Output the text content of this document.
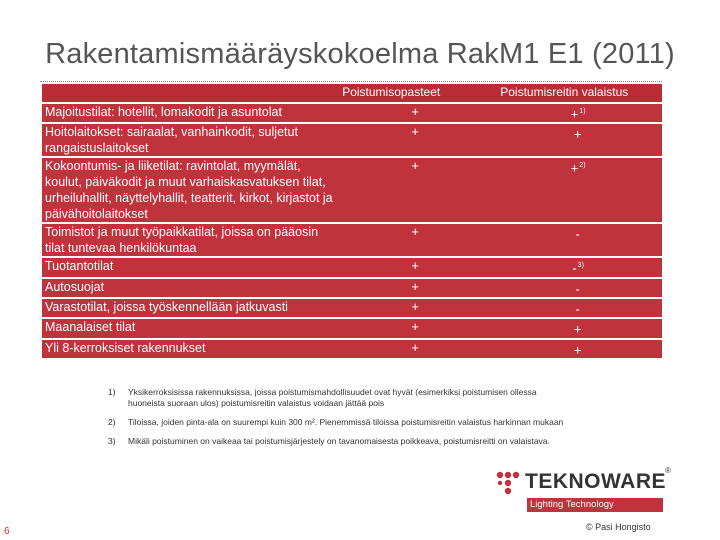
Rakentamismääräyskokoelma RakM1 E1 (2011)
	Poistumisopasteet	Poistumisreitin valaistus
Majoitustilat: hotellit, lomakodit ja asuntolat	+	+$^{1)}$
Hoitolaitokset: sairaalat, vanhainkodit, suljetut rangaistuslaitokset	+	+
Kokoontumis- ja liiketilat: ravintolat, myymälät, koulut, päiväkodit ja muut varhaiskasvatuksen tilat, urheiluhallit, näyttelyhallit, teatterit, kirkot, kirjastot ja päivähoitolaitokset	+	+$^{2)}$
Toimistot ja muut työpaikkatilat, joissa on pääosin tilat tuntevaa henkilökuntaa	+	-
Tuotantotilat	+	-$^{3)}$
Autosuojat	+	-
Varastotilat, joissa työskennellään jatkuvasti	+	-
Maanalaiset tilat	+	+
Yli 8-kerroksiset rakennukset	+	+
1)	Yksikerroksisissa rakennuksissa, joissa poistumismahdollisuudet ovat hyvät (esimerkiksi poistumisen ollessa huoneista suoraan ulos) poistumisreitin valaistus voidaan jättää pois
2)	Tiloissa, joiden pinta-ala on suurempi kuin 300 m². Pienemmissä tiloissa poistumisreitin valaistus harkinnan mukaan
3)	Mikäli poistuminen on vaikeaa tai poistumisjärjestely on tavanomaisesta poikkeava, poistumisreitti on valaistava.
TEKNOWARE ®
Lighting Technology
6	© Pasi Hongisto
